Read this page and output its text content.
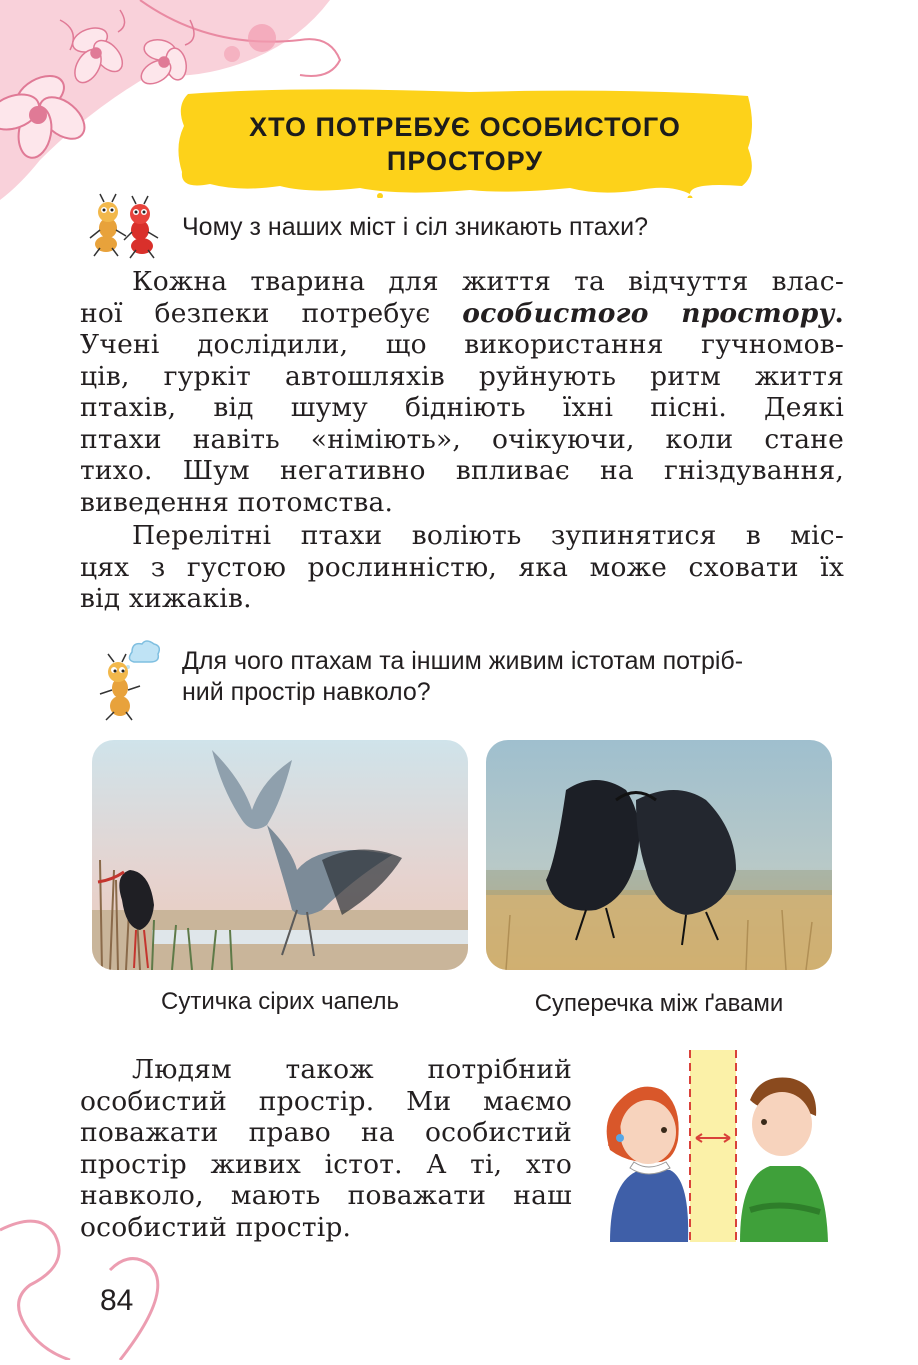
ХТО ПОТРЕБУЄ ОСОБИСТОГО
ПРОСТОРУ
Чому з наших міст і сіл зникають птахи?
Кожна тварина для життя та відчуття влас-
ної безпеки потребує особистого простору.
Учені дослідили, що використання гучномов-
ців, гуркіт автошляхів руйнують ритм життя
птахів, від шуму бідніють їхні пісні. Деякі
птахи навіть «німіють», очікуючи, коли стане
тихо. Шум негативно впливає на гніздування,
виведення потомства.
Перелітні птахи воліють зупинятися в міс-
цях з густою рослинністю, яка може сховати їх
від хижаків.
Для чого птахам та іншим живим істотам потріб-
ний простір навколо?
Сутичка сірих чапель	Суперечка між ґавами
Людям також потрібний
особистий простір. Ми маємо
поважати право на особистий
простір живих істот. А ті, хто
навколо, мають поважати наш
особистий простір.
84
